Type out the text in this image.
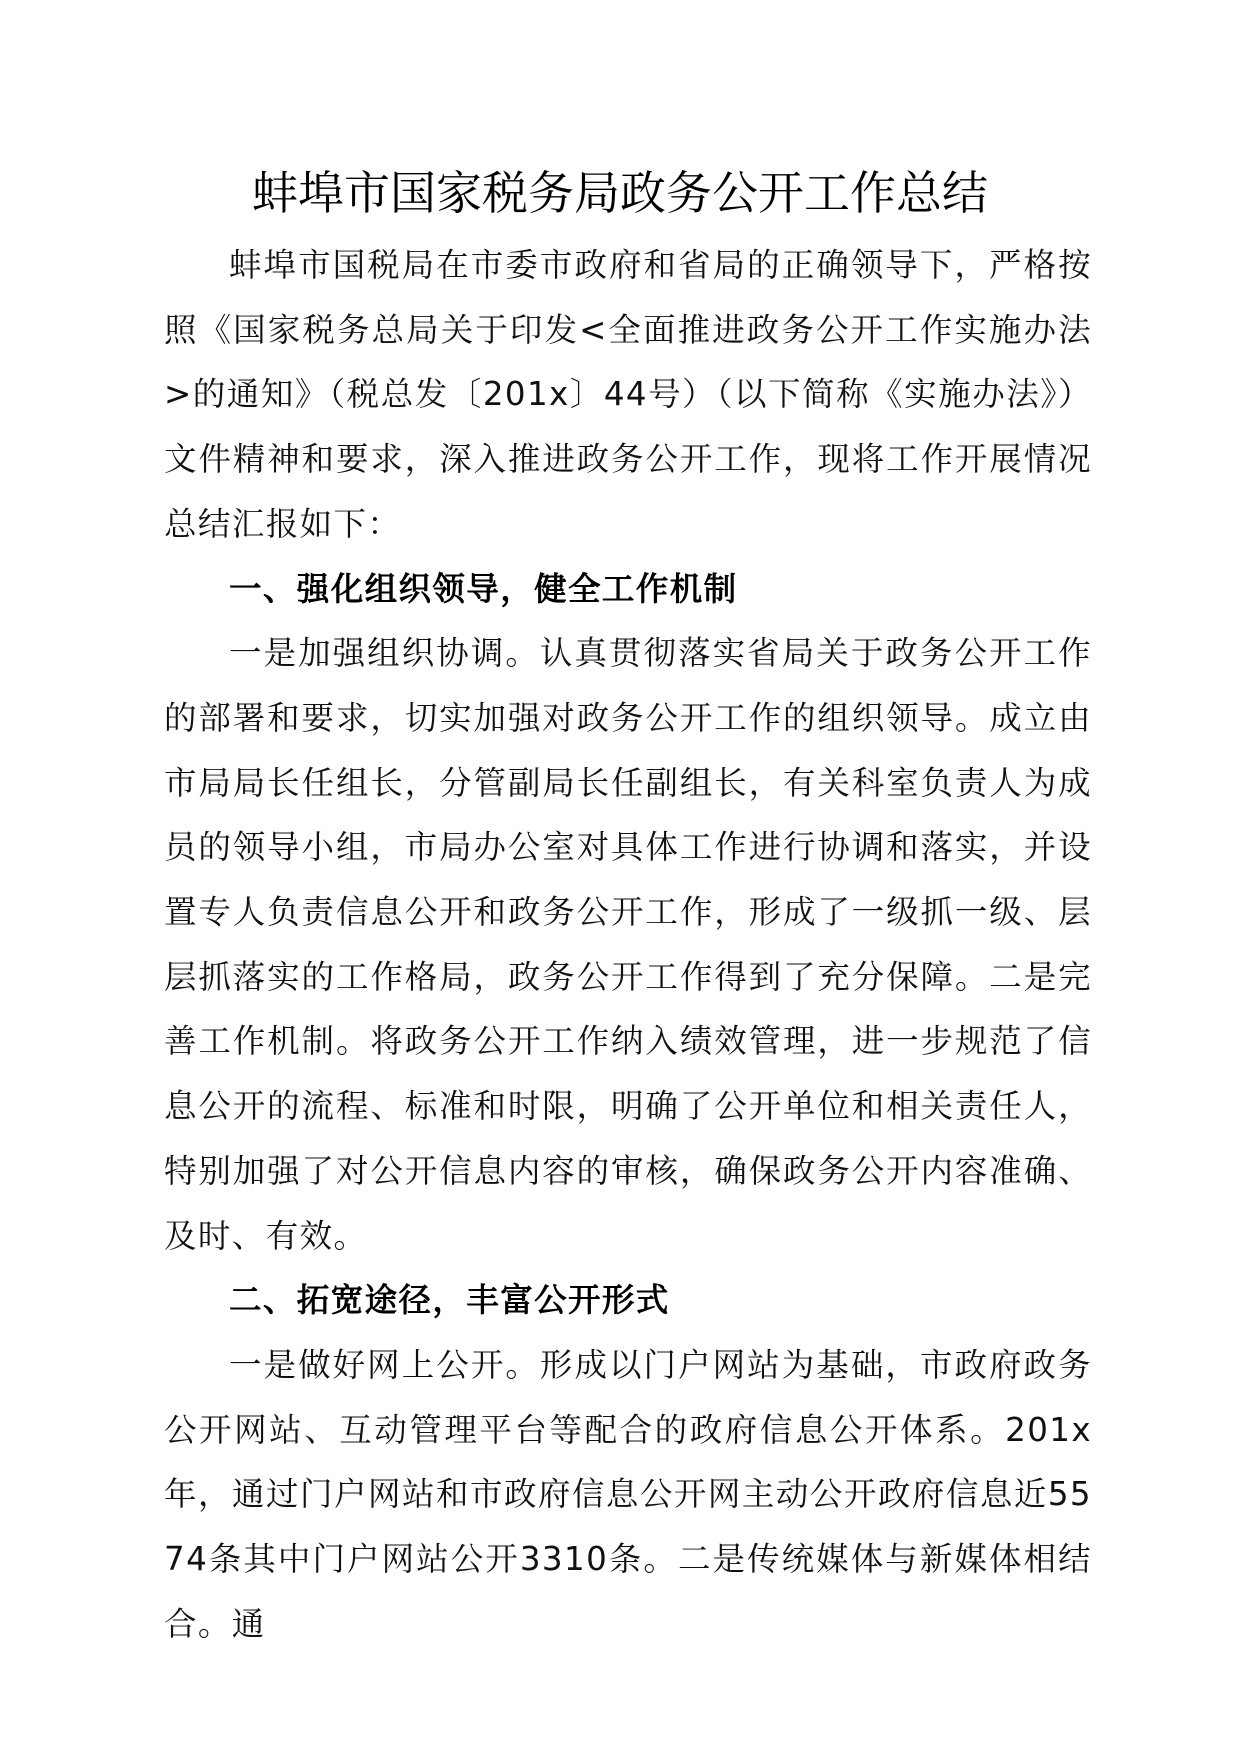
蚌埠市国家税务局政务公开工作总结

蚌埠市国税局在市委市政府和省局的正确领导下，严格按照《国家税务总局关于印发<全面推进政务公开工作实施办法>的通知》（税总发〔201x〕44号）（以下简称《实施办法》）文件精神和要求，深入推进政务公开工作，现将工作开展情况总结汇报如下：

一、强化组织领导，健全工作机制

一是加强组织协调。认真贯彻落实省局关于政务公开工作的部署和要求，切实加强对政务公开工作的组织领导。成立由市局局长任组长，分管副局长任副组长，有关科室负责人为成员的领导小组，市局办公室对具体工作进行协调和落实，并设置专人负责信息公开和政务公开工作，形成了一级抓一级、层层抓落实的工作格局，政务公开工作得到了充分保障。二是完善工作机制。将政务公开工作纳入绩效管理，进一步规范了信息公开的流程、标准和时限，明确了公开单位和相关责任人，特别加强了对公开信息内容的审核，确保政务公开内容准确、及时、有效。

二、拓宽途径，丰富公开形式

一是做好网上公开。形成以门户网站为基础，市政府政务公开网站、互动管理平台等配合的政府信息公开体系。201x年，通过门户网站和市政府信息公开网主动公开政府信息近5574条其中门户网站公开3310条。二是传统媒体与新媒体相结合。通
